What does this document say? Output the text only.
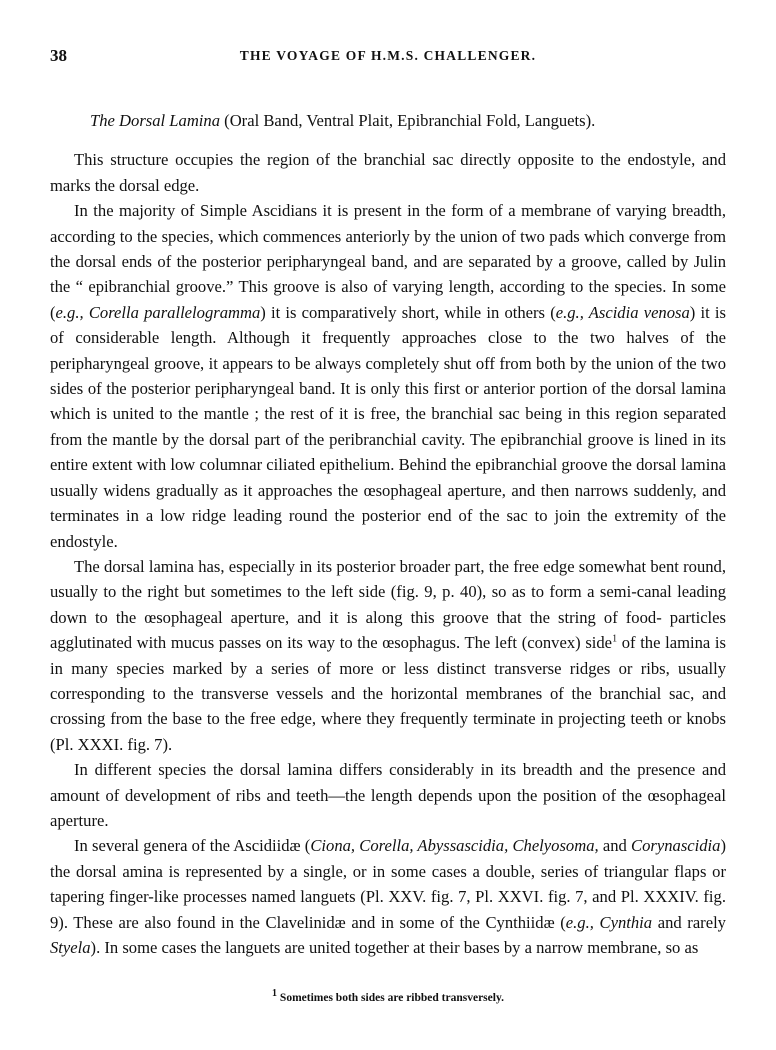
38	THE VOYAGE OF H.M.S. CHALLENGER.

The Dorsal Lamina (Oral Band, Ventral Plait, Epibranchial Fold, Languets).

This structure occupies the region of the branchial sac directly opposite to the endostyle, and marks the dorsal edge.

In the majority of Simple Ascidians it is present in the form of a membrane of varying breadth, according to the species, which commences anteriorly by the union of two pads which converge from the dorsal ends of the posterior peripharyngeal band, and are separated by a groove, called by Julin the “ epibranchial groove.” This groove is also of varying length, according to the species. In some (e.g., Corella parallelogramma) it is comparatively short, while in others (e.g., Ascidia venosa) it is of considerable length. Although it frequently approaches close to the two halves of the peripharyngeal groove, it appears to be always completely shut off from both by the union of the two sides of the posterior peripharyngeal band. It is only this first or anterior portion of the dorsal lamina which is united to the mantle ; the rest of it is free, the branchial sac being in this region separated from the mantle by the dorsal part of the peribranchial cavity. The epibranchial groove is lined in its entire extent with low columnar ciliated epithelium. Behind the epibranchial groove the dorsal lamina usually widens gradually as it approaches the œsophageal aperture, and then narrows suddenly, and terminates in a low ridge leading round the posterior end of the sac to join the extremity of the endostyle.

The dorsal lamina has, especially in its posterior broader part, the free edge somewhat bent round, usually to the right but sometimes to the left side (fig. 9, p. 40), so as to form a semi-canal leading down to the œsophageal aperture, and it is along this groove that the string of food- particles agglutinated with mucus passes on its way to the œsophagus. The left (convex) side$^1$ of the lamina is in many species marked by a series of more or less distinct transverse ridges or ribs, usually corresponding to the transverse vessels and the horizontal membranes of the branchial sac, and crossing from the base to the free edge, where they frequently terminate in projecting teeth or knobs (Pl. XXXI. fig. 7).

In different species the dorsal lamina differs considerably in its breadth and the presence and amount of development of ribs and teeth—the length depends upon the position of the œsophageal aperture.

In several genera of the Ascidiidæ (Ciona, Corella, Abyssascidia, Chelyosoma, and Corynascidia) the dorsal amina is represented by a single, or in some cases a double, series of triangular flaps or tapering finger-like processes named languets (Pl. XXV. fig. 7, Pl. XXVI. fig. 7, and Pl. XXXIV. fig. 9). These are also found in the Clavelinidæ and in some of the Cynthiidæ (e.g., Cynthia and rarely Styela). In some cases the languets are united together at their bases by a narrow membrane, so as

$^1$ Sometimes both sides are ribbed transversely.
